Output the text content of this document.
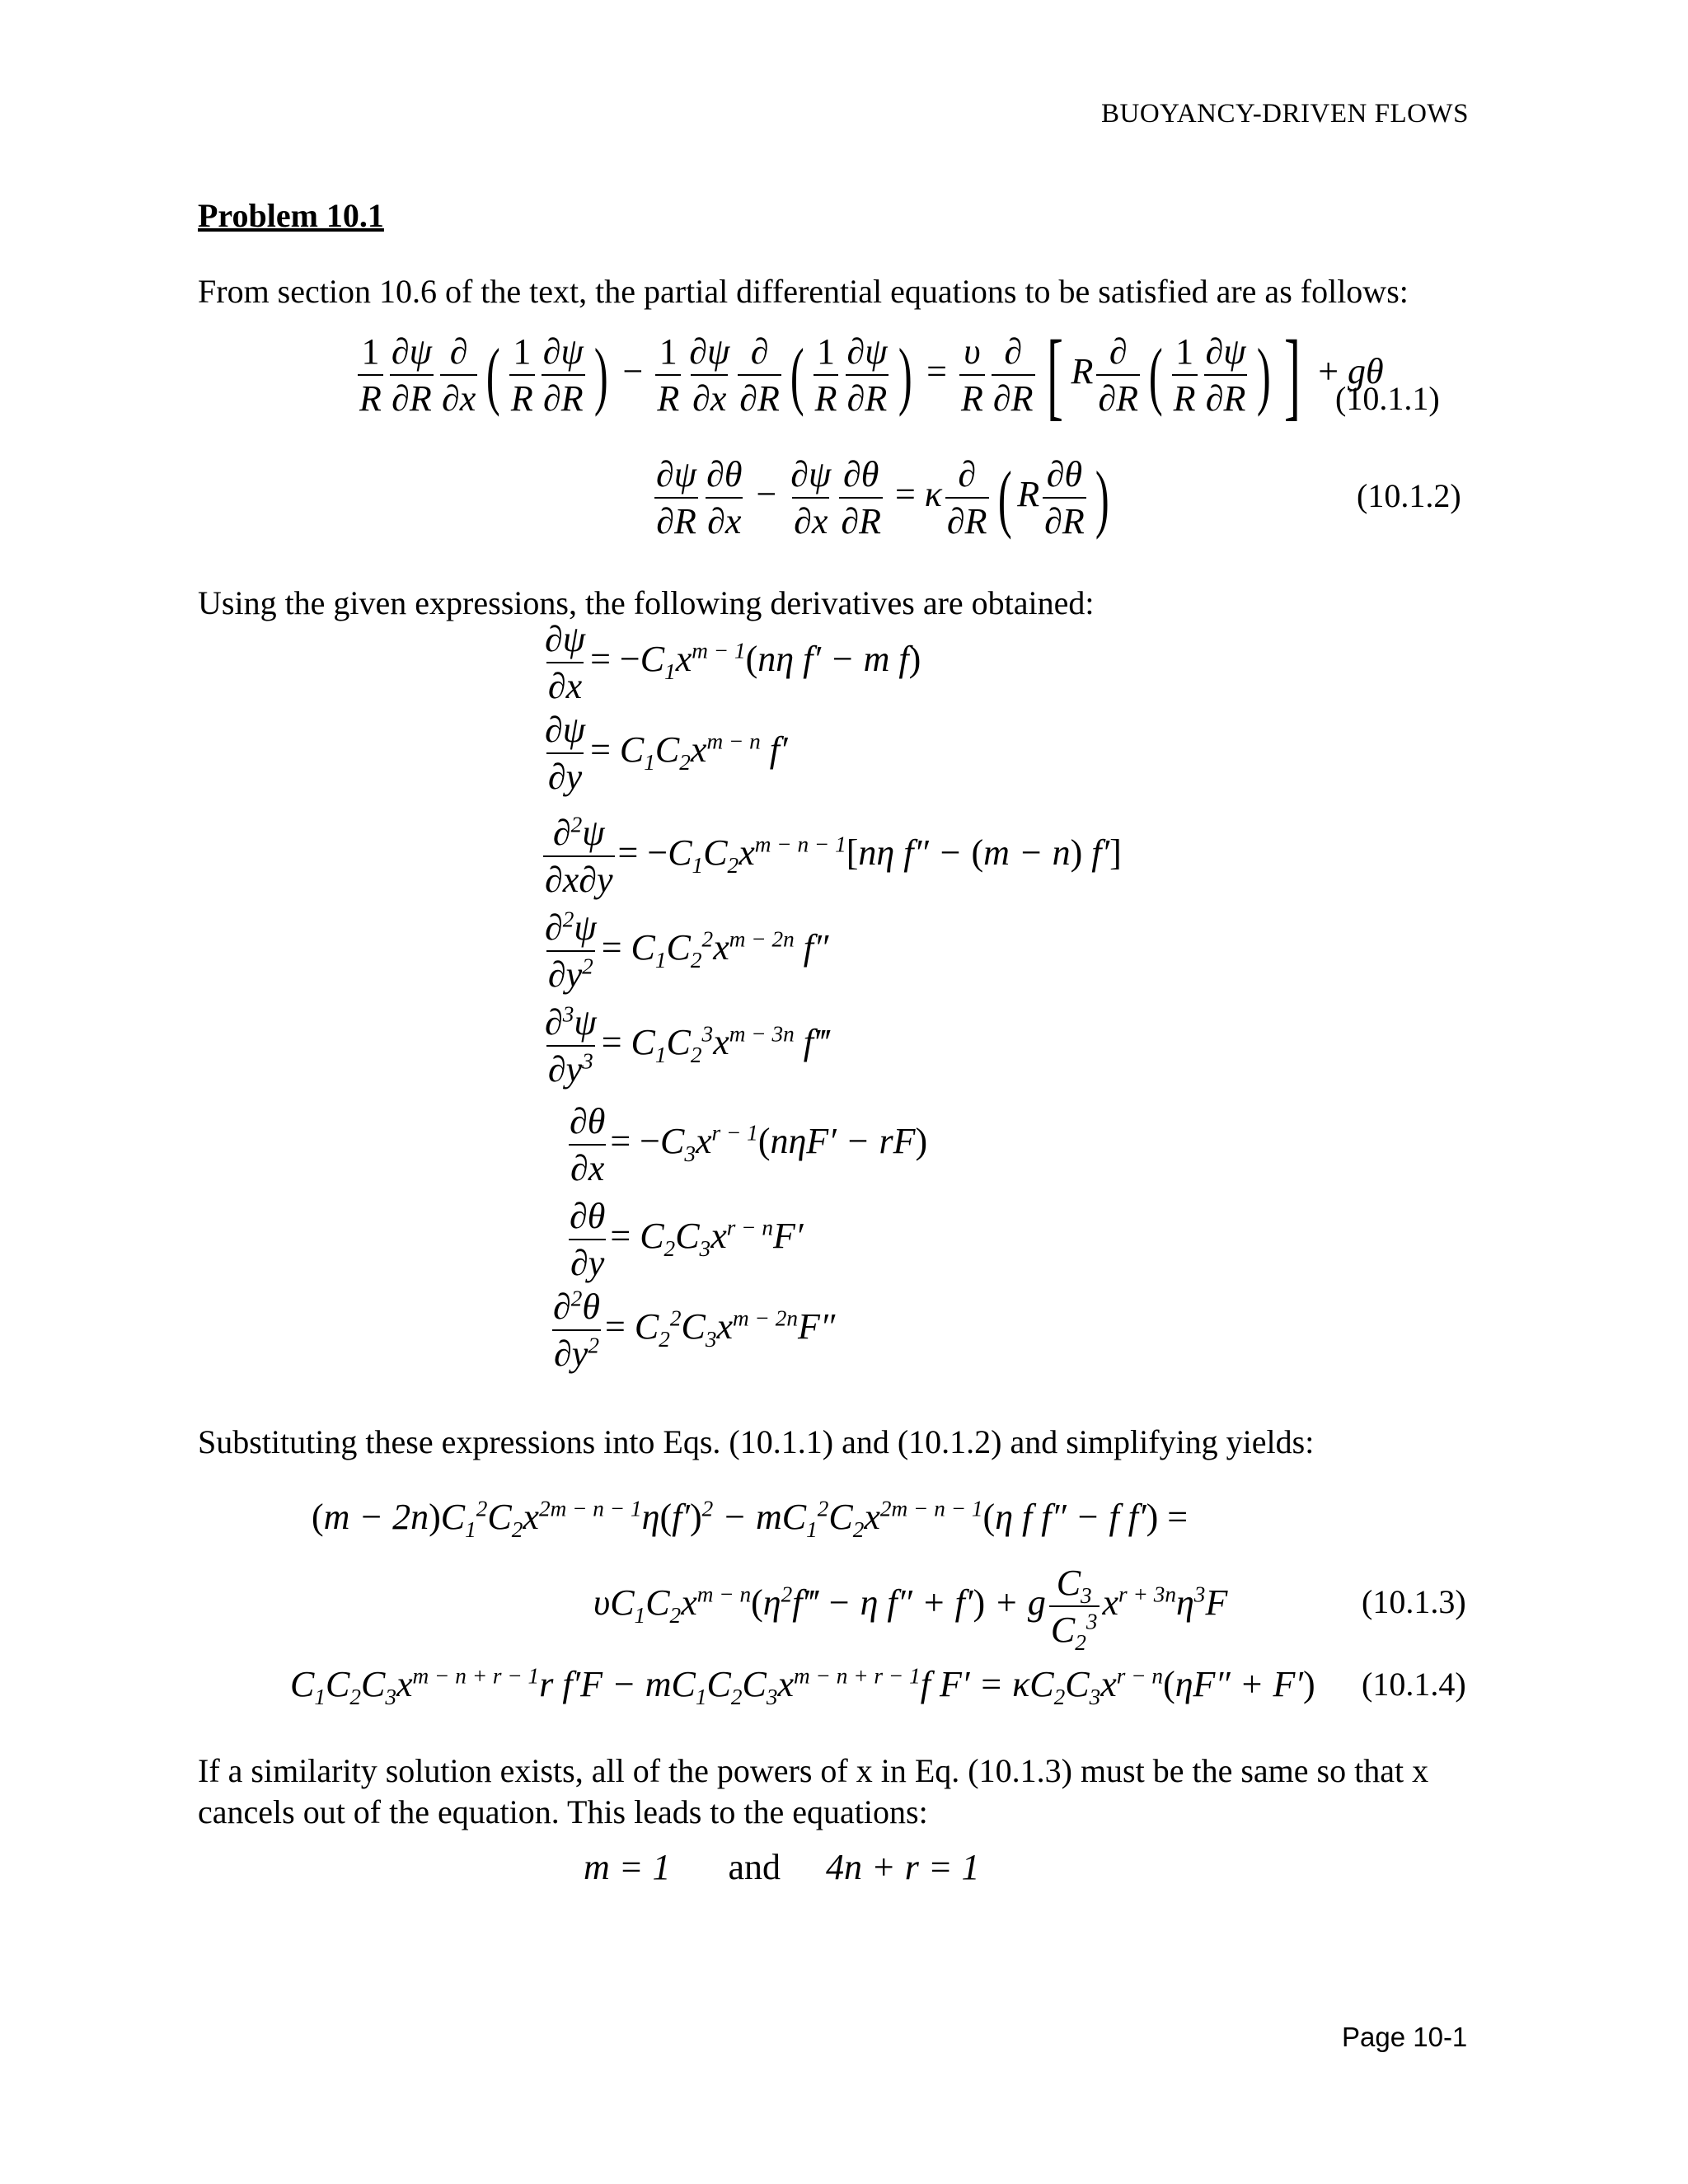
BUOYANCY-DRIVEN FLOWS
Problem 10.1
From section 10.6 of the text, the partial differential equations to be satisfied are as follows:
$\frac{1}{R} \frac{\partial\psi}{\partial R} \frac{\partial}{\partial x}$ ( $\frac{1}{R} \frac{\partial\psi}{\partial R}$ ) − $\frac{1}{R} \frac{\partial\psi}{\partial x} \frac{\partial}{\partial R}$ ( $\frac{1}{R} \frac{\partial\psi}{\partial R}$ ) = $\frac{\upsilon}{R} \frac{\partial}{\partial R}$ [ R $\frac{\partial}{\partial R}$ ( $\frac{1}{R} \frac{\partial\psi}{\partial R}$ ) ] + gθ
(10.1.1)
$\frac{\partial\psi}{\partial R} \frac{\partial\theta}{\partial x} - \frac{\partial\psi}{\partial x} \frac{\partial\theta}{\partial R} = \kappa \frac{\partial}{\partial R}$ ( R $\frac{\partial\theta}{\partial R}$ )	(10.1.2)
Using the given expressions, the following derivatives are obtained:
$\frac{\partial\psi}{\partial x} = -C_1x^{m - 1}(n\eta$ f′ − m f)
$\frac{\partial\psi}{\partial y} = C_1C_2x^{m - n}$ f′
$\frac{\partial^2\psi}{\partial x\partial y} = -C_1C_2x^{m - n - 1}[n\eta$ f″ − (m − n) f′]
$\frac{\partial^2\psi}{\partial y^2} = C_1C_2^2x^{m - 2n}$ f″
$\frac{\partial^3\psi}{\partial y^3} = C_1C_2^3x^{m - 3n}$ f‴
$\frac{\partial\theta}{\partial x} = -C_3x^{r - 1}(n\eta F' - rF)$
$\frac{\partial\theta}{\partial y} = C_2C_3x^{r - n}F'$
$\frac{\partial^2\theta}{\partial y^2} = C_2^2C_3x^{m - 2n}F''$
Substituting these expressions into Eqs. (10.1.1) and (10.1.2) and simplifying yields:
$(m - 2n)C_1^2C_2x^{2m - n - 1}\eta(f')^2 - mC_1^2C_2x^{2m - n - 1}(\eta$ f f″ − f f′) =
$\upsilon C_1C_2x^{m - n}(\eta^2f‴ - \eta$ f″ + f′) + g $\frac{C_3}{C_2^3} x^{r + 3n}\eta^3F$	(10.1.3)
$C_1C_2C_3x^{m - n + r - 1}r$ $f'F - mC_1C_2C_3x^{m - n + r - 1}f$ $F' = \kappa C_2C_3x^{r - n}(\eta F'' + F')$ (10.1.4)
If a similarity solution exists, all of the powers of x in Eq. (10.1.3) must be the same so that x
cancels out of the equation. This leads to the equations:
m = 1 and 4n + r = 1
Page 10-1
